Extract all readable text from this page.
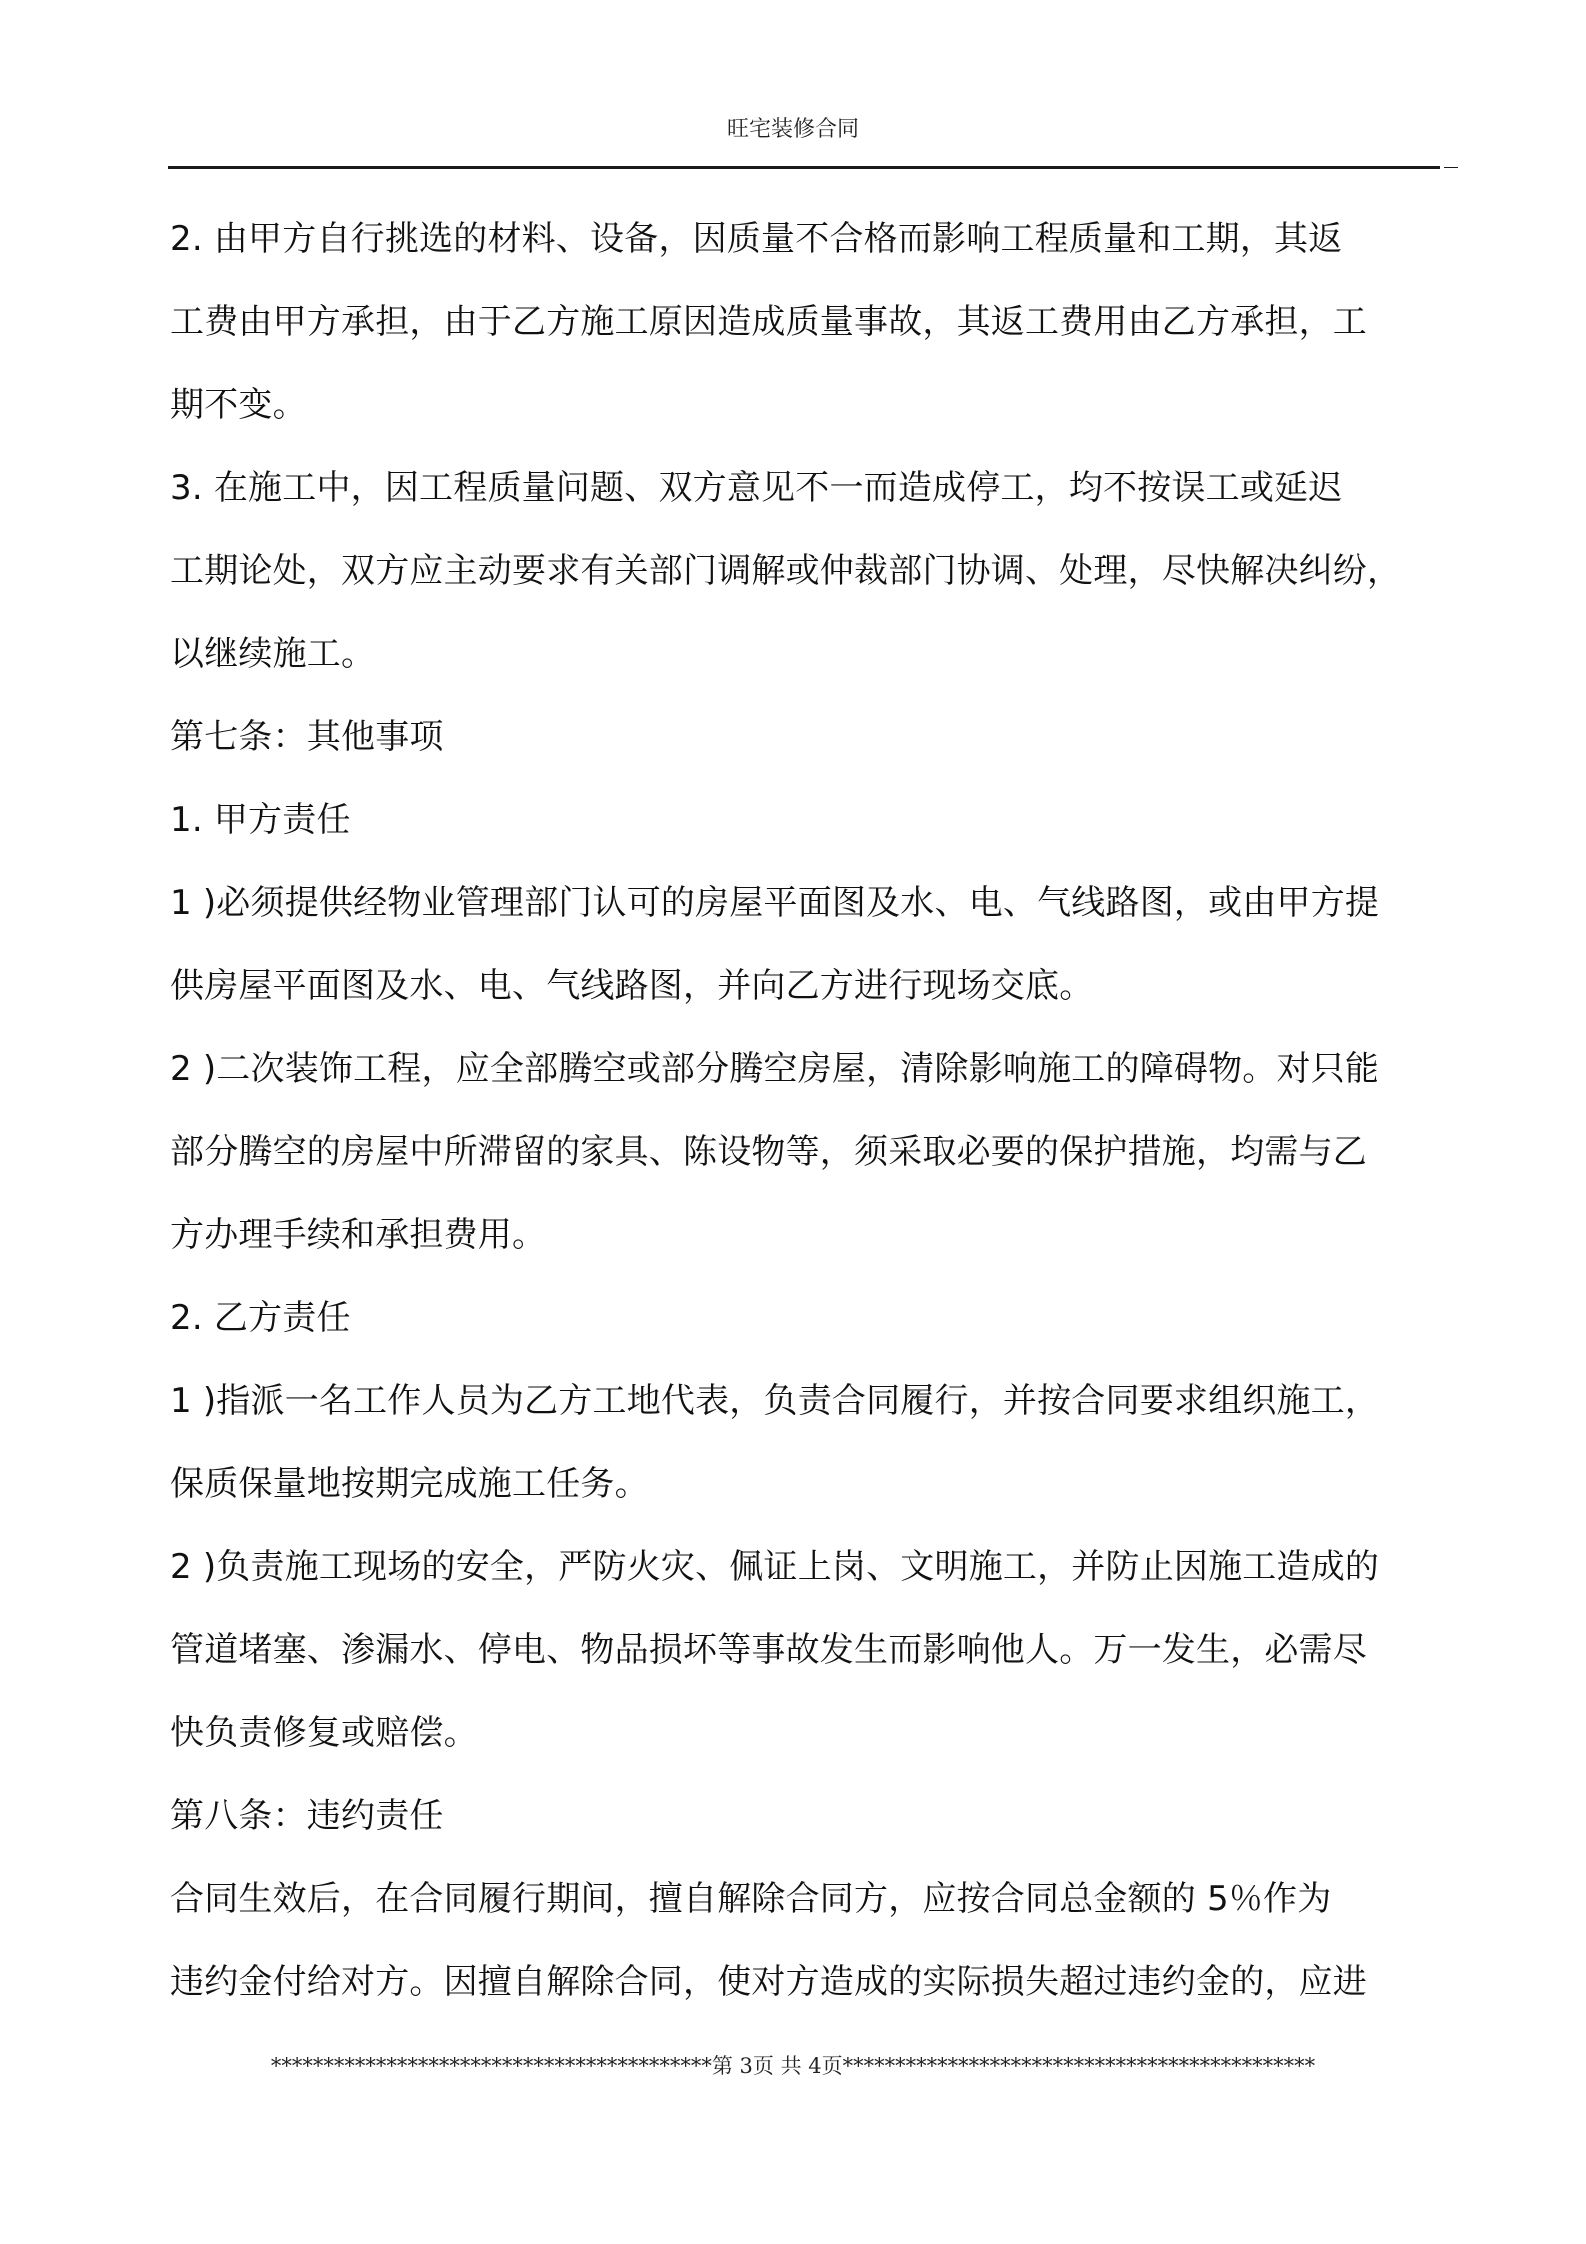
旺宅装修合同
2. 由甲方自行挑选的材料、设备，因质量不合格而影响工程质量和工期，其返
工费由甲方承担，由于乙方施工原因造成质量事故，其返工费用由乙方承担，工
期不变。
3. 在施工中，因工程质量问题、双方意见不一而造成停工，均不按误工或延迟
工期论处，双方应主动要求有关部门调解或仲裁部门协调、处理，尽快解决纠纷，
以继续施工。
第七条：其他事项
1. 甲方责任
1 )必须提供经物业管理部门认可的房屋平面图及水、电、气线路图，或由甲方提
供房屋平面图及水、电、气线路图，并向乙方进行现场交底。
2 )二次装饰工程，应全部腾空或部分腾空房屋，清除影响施工的障碍物。对只能
部分腾空的房屋中所滞留的家具、陈设物等，须采取必要的保护措施，均需与乙
方办理手续和承担费用。
2. 乙方责任
1 )指派一名工作人员为乙方工地代表，负责合同履行，并按合同要求组织施工，
保质保量地按期完成施工任务。
2 )负责施工现场的安全，严防火灾、佩证上岗、文明施工，并防止因施工造成的
管道堵塞、渗漏水、停电、物品损坏等事故发生而影响他人。万一发生，必需尽
快负责修复或赔偿。
第八条：违约责任
合同生效后，在合同履行期间，擅自解除合同方，应按合同总金额的 5％作为
违约金付给对方。因擅自解除合同，使对方造成的实际损失超过违约金的，应进
******************************************第 3页 共 4页*********************************************
